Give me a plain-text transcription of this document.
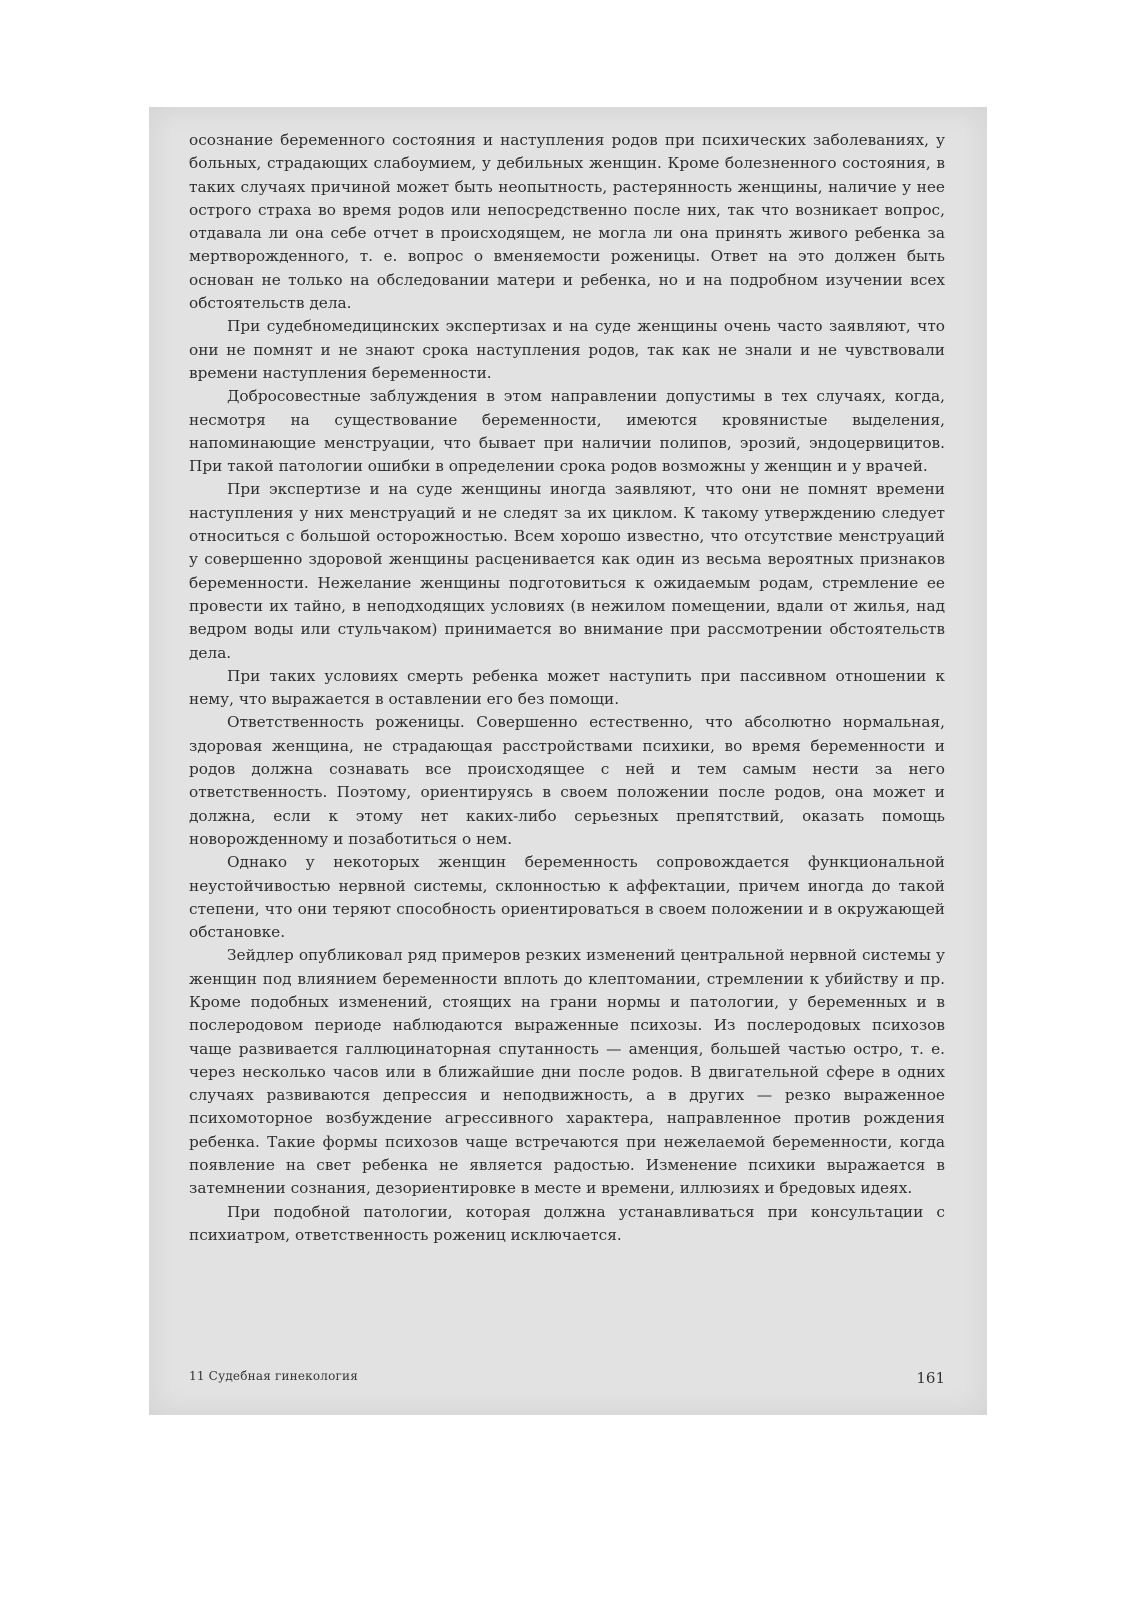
осознание беременного состояния и наступления родов при психических заболеваниях, у больных, страдающих слабоумием, у дебильных женщин. Кроме болезненного состояния, в таких случаях причиной может быть неопытность, растерянность женщины, наличие у нее острого страха во время родов или непосредственно после них, так что возникает вопрос, отдавала ли она себе отчет в происходящем, не могла ли она принять живого ребенка за мертворожденного, т. е. вопрос о вменяемости роженицы. Ответ на это должен быть основан не только на обследовании матери и ребенка, но и на подробном изучении всех обстоятельств дела.

При судебномедицинских экспертизах и на суде женщины очень часто заявляют, что они не помнят и не знают срока наступления родов, так как не знали и не чувствовали времени наступления беременности.

Добросовестные заблуждения в этом направлении допустимы в тех случаях, когда, несмотря на существование беременности, имеются кровянистые выделения, напоминающие менструации, что бывает при наличии полипов, эрозий, эндоцервицитов. При такой патологии ошибки в определении срока родов возможны у женщин и у врачей.

При экспертизе и на суде женщины иногда заявляют, что они не помнят времени наступления у них менструаций и не следят за их циклом. К такому утверждению следует относиться с большой осторожностью. Всем хорошо известно, что отсутствие менструаций у совершенно здоровой женщины расценивается как один из весьма вероятных признаков беременности. Нежелание женщины подготовиться к ожидаемым родам, стремление ее провести их тайно, в неподходящих условиях (в нежилом помещении, вдали от жилья, над ведром воды или стульчаком) принимается во внимание при рассмотрении обстоятельств дела.

При таких условиях смерть ребенка может наступить при пассивном отношении к нему, что выражается в оставлении его без помощи.

Ответственность роженицы. Совершенно естественно, что абсолютно нормальная, здоровая женщина, не страдающая расстройствами психики, во время беременности и родов должна сознавать все происходящее с ней и тем самым нести за него ответственность. Поэтому, ориентируясь в своем положении после родов, она может и должна, если к этому нет каких-либо серьезных препятствий, оказать помощь новорожденному и позаботиться о нем.

Однако у некоторых женщин беременность сопровождается функциональной неустойчивостью нервной системы, склонностью к аффектации, причем иногда до такой степени, что они теряют способность ориентироваться в своем положении и в окружающей обстановке.

Зейдлер опубликовал ряд примеров резких изменений центральной нервной системы у женщин под влиянием беременности вплоть до клептомании, стремлении к убийству и пр. Кроме подобных изменений, стоящих на грани нормы и патологии, у беременных и в послеродовом периоде наблюдаются выраженные психозы. Из послеродовых психозов чаще развивается галлюцинаторная спутанность — аменция, большей частью остро, т. е. через несколько часов или в ближайшие дни после родов. В двигательной сфере в одних случаях развиваются депрессия и неподвижность, а в других — резко выраженное психомоторное возбуждение агрессивного характера, направленное против рождения ребенка. Такие формы психозов чаще встречаются при нежелаемой беременности, когда появление на свет ребенка не является радостью. Изменение психики выражается в затемнении сознания, дезориентировке в месте и времени, иллюзиях и бредовых идеях.

При подобной патологии, которая должна устанавливаться при консультации с психиатром, ответственность рожениц исключается.

11 Судебная гинекология	161
